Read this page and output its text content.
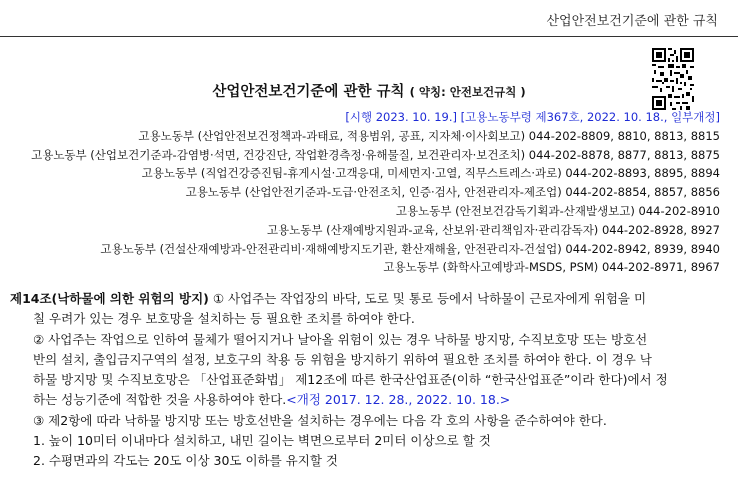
산업안전보건기준에 관한 규칙
산업안전보건기준에 관한 규칙 ( 약칭: 안전보건규칙 )
[시행 2023. 10. 19.] [고용노동부령 제367호, 2022. 10. 18., 일부개정]
고용노동부 (산업안전보건정책과-과태료, 적용범위, 공표, 지자체·이사회보고) 044-202-8809, 8810, 8813, 8815
고용노동부 (산업보건기준과-감염병·석면, 건강진단, 작업환경측정·유해물질, 보건관리자·보건조치) 044-202-8878, 8877, 8813, 8875
고용노동부 (직업건강증진팀-휴게시설·고객응대, 미세먼지·고열, 직무스트레스·과로) 044-202-8893, 8895, 8894
고용노동부 (산업안전기준과-도급·안전조치, 인증·검사, 안전관리자-제조업) 044-202-8854, 8857, 8856
고용노동부 (안전보건감독기획과-산재발생보고) 044-202-8910
고용노동부 (산재예방지원과-교육, 산보위·관리책임자·관리감독자) 044-202-8928, 8927
고용노동부 (건설산재예방과-안전관리비·재해예방지도기관, 환산재해율, 안전관리자-건설업) 044-202-8942, 8939, 8940
고용노동부 (화학사고예방과-MSDS, PSM) 044-202-8971, 8967

제14조(낙하물에 의한 위험의 방지) ① 사업주는 작업장의 바닥, 도로 및 통로 등에서 낙하물이 근로자에게 위험을 미

칠 우려가 있는 경우 보호망을 설치하는 등 필요한 조치를 하여야 한다.

② 사업주는 작업으로 인하여 물체가 떨어지거나 날아올 위험이 있는 경우 낙하물 방지망, 수직보호망 또는 방호선

반의 설치, 출입금지구역의 설정, 보호구의 착용 등 위험을 방지하기 위하여 필요한 조치를 하여야 한다. 이 경우 낙

하물 방지망 및 수직보호망은 「산업표준화법」 제12조에 따른 한국산업표준(이하 “한국산업표준”이라 한다)에서 정

하는 성능기준에 적합한 것을 사용하여야 한다.<개정 2017. 12. 28., 2022. 10. 18.>

③ 제2항에 따라 낙하물 방지망 또는 방호선반을 설치하는 경우에는 다음 각 호의 사항을 준수하여야 한다.

1. 높이 10미터 이내마다 설치하고, 내민 길이는 벽면으로부터 2미터 이상으로 할 것

2. 수평면과의 각도는 20도 이상 30도 이하를 유지할 것
